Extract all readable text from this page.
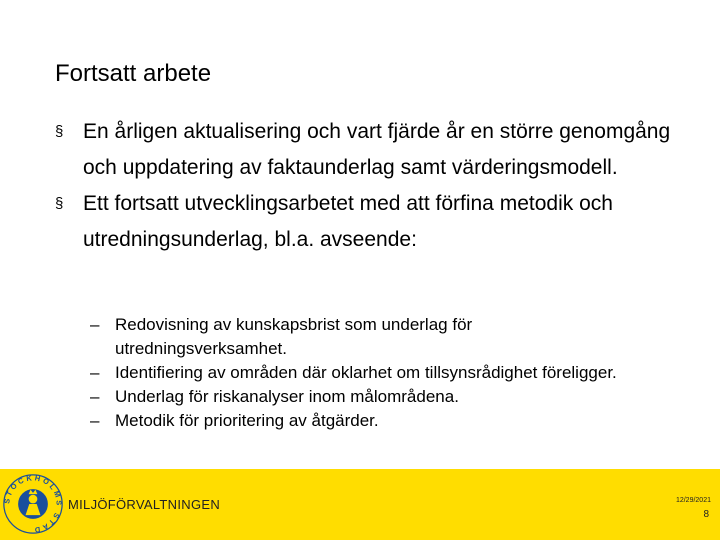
Fortsatt arbete
§ En årligen aktualisering och vart fjärde år en större genomgång och uppdatering av faktaunderlag samt värderingsmodell.
§ Ett fortsatt utvecklingsarbetet med att förfina metodik och utredningsunderlag, bl.a. avseende:
– Redovisning av kunskapsbrist som underlag för utredningsverksamhet.
– Identifiering av områden där oklarhet om tillsynsrådighet föreligger.
– Underlag för riskanalyser inom målområdena.
– Metodik för prioritering av åtgärder.
STOCKHOLMS STAD
MILJÖFÖRVALTNINGEN	12/29/2021
8
